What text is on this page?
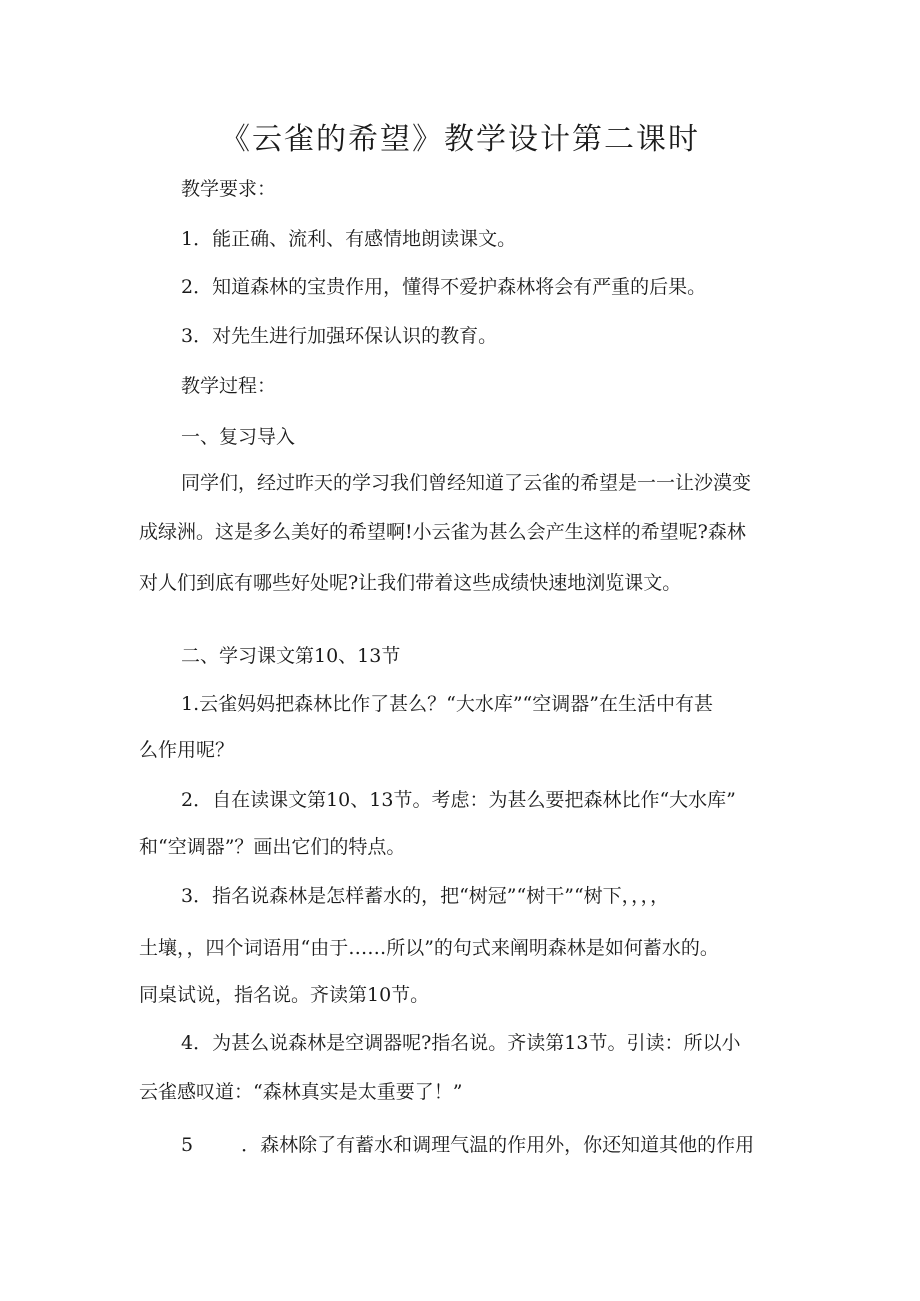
《云雀的希望》教学设计第二课时

教学要求：

1．能正确、流利、有感情地朗读课文。

2．知道森林的宝贵作用，懂得不爱护森林将会有严重的后果。

3．对先生进行加强环保认识的教育。

教学过程：

一、复习导入

同学们，经过昨天的学习我们曾经知道了云雀的希望是一一让沙漠变

成绿洲。这是多么美好的希望啊!小云雀为甚么会产生这样的希望呢?森林

对人们到底有哪些好处呢?让我们带着这些成绩快速地浏览课文。

二、学习课文第10、13节

1.云雀妈妈把森林比作了甚么？“大水库”“空调器”在生活中有甚

么作用呢？

2．自在读课文第10、13节。考虑：为甚么要把森林比作“大水库”

和“空调器”？画出它们的特点。

3．指名说森林是怎样蓄水的，把“树冠”“树干”“树下，，，，

土壤，，四个词语用“由于……所以”的句式来阐明森林是如何蓄水的。

同桌试说，指名说。齐读第10节。

4．为甚么说森林是空调器呢?指名说。齐读第13节。引读：所以小

云雀感叹道：“森林真实是太重要了！”

5	．森林除了有蓄水和调理气温的作用外，你还知道其他的作用
